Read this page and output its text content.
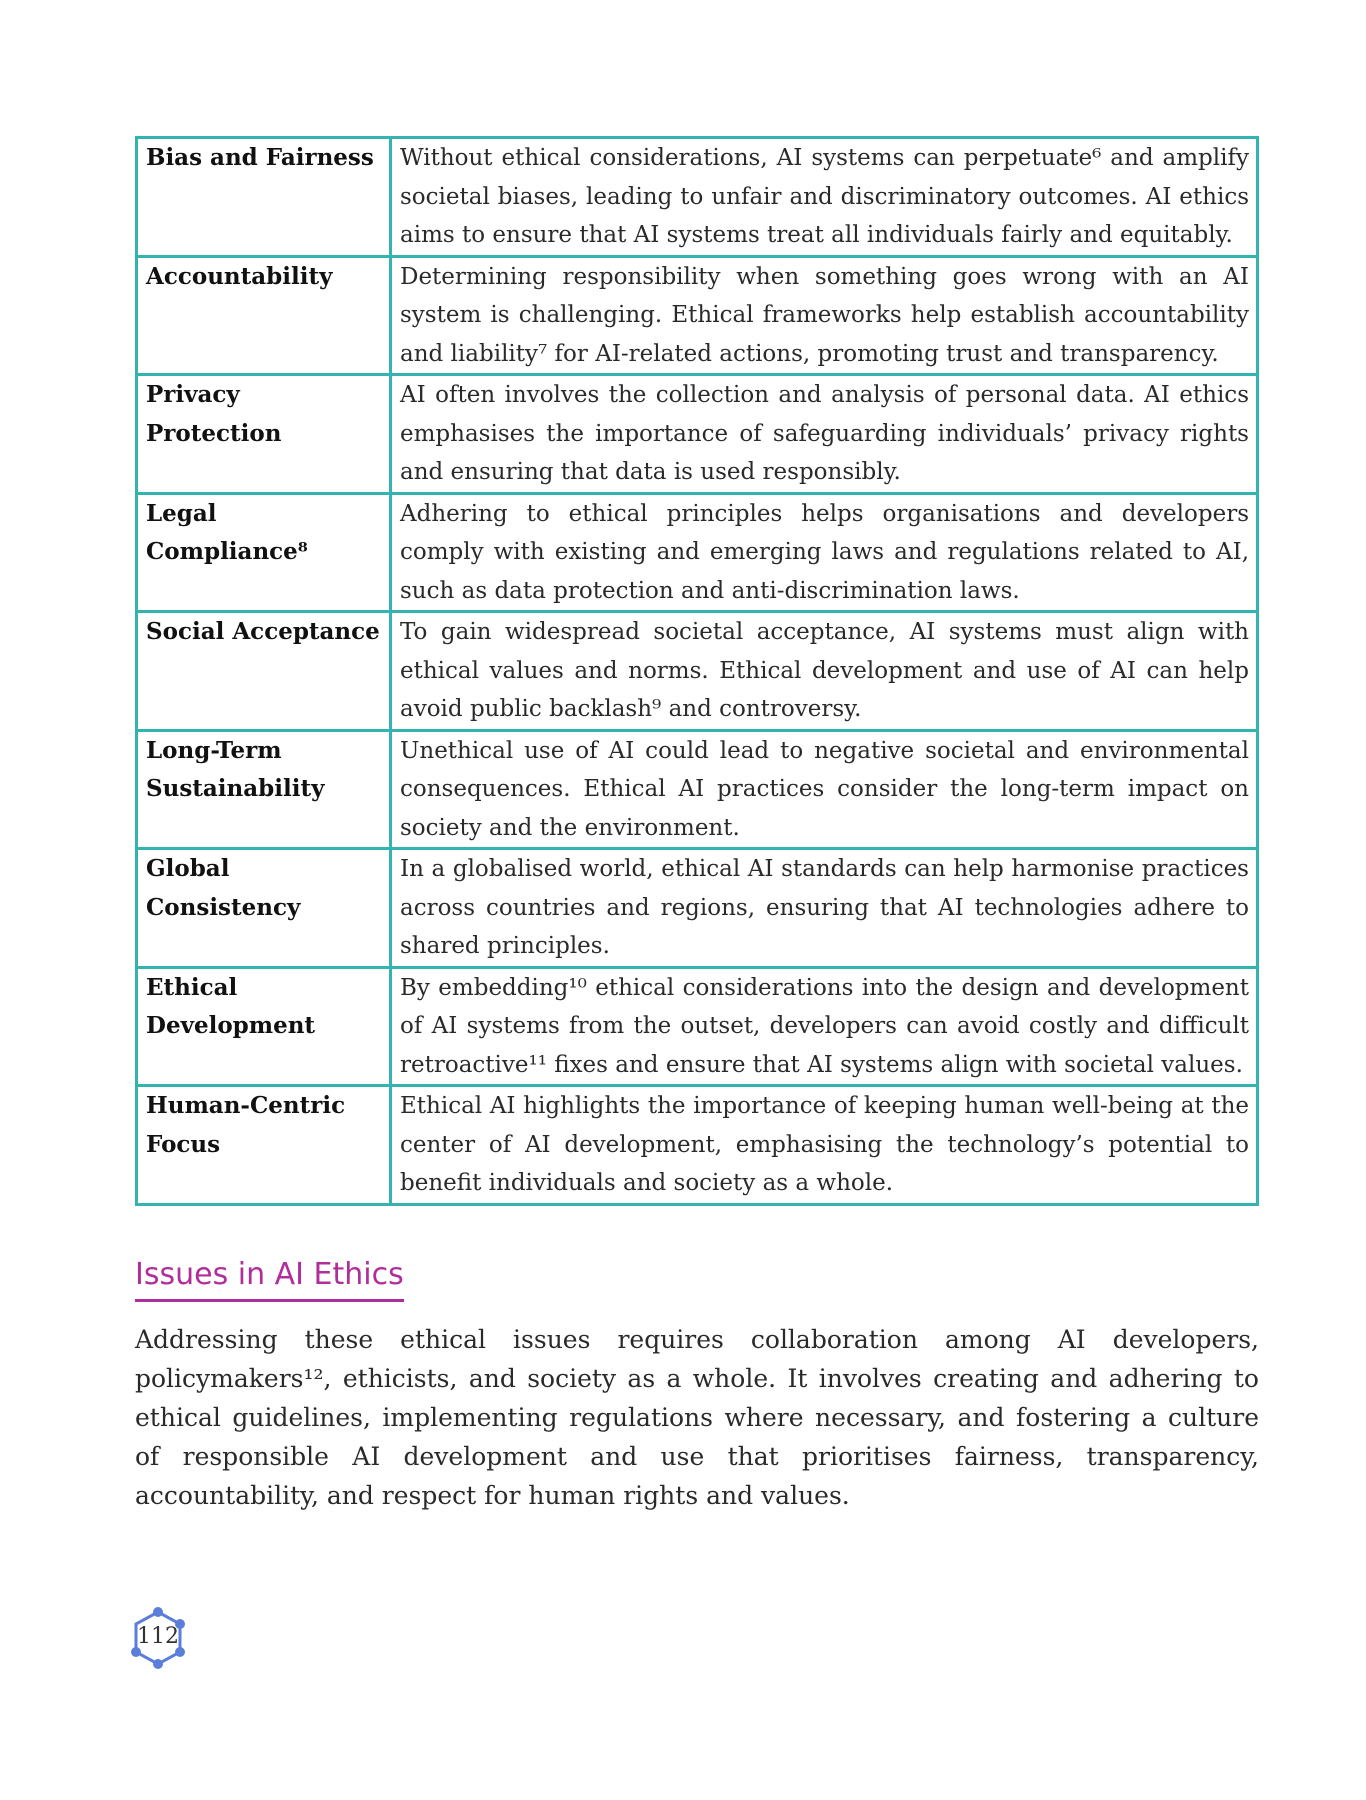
Bias and Fairness	Without ethical considerations, AI systems can perpetuate⁶ and amplify societal biases, leading to unfair and discriminatory outcomes. AI ethics aims to ensure that AI systems treat all individuals fairly and equitably.
Accountability	Determining responsibility when something goes wrong with an AI system is challenging. Ethical frameworks help establish accountability and liability⁷ for AI-related actions, promoting trust and transparency.
Privacy Protection	AI often involves the collection and analysis of personal data. AI ethics emphasises the importance of safeguarding individuals’ privacy rights and ensuring that data is used responsibly.
Legal Compliance⁸	Adhering to ethical principles helps organisations and developers comply with existing and emerging laws and regulations related to AI, such as data protection and anti-discrimination laws.
Social Acceptance	To gain widespread societal acceptance, AI systems must align with ethical values and norms. Ethical development and use of AI can help avoid public backlash⁹ and controversy.
Long-Term Sustainability	Unethical use of AI could lead to negative societal and environmental consequences. Ethical AI practices consider the long-term impact on society and the environment.
Global Consistency	In a globalised world, ethical AI standards can help harmonise practices across countries and regions, ensuring that AI technologies adhere to shared principles.
Ethical Development	By embedding¹⁰ ethical considerations into the design and development of AI systems from the outset, developers can avoid costly and difficult retroactive¹¹ fixes and ensure that AI systems align with societal values.
Human-Centric Focus	Ethical AI highlights the importance of keeping human well-being at the center of AI development, emphasising the technology’s potential to benefit individuals and society as a whole.
Issues in AI Ethics

Addressing these ethical issues requires collaboration among AI developers, policymakers¹², ethicists, and society as a whole. It involves creating and adhering to ethical guidelines, implementing regulations where necessary, and fostering a culture of responsible AI development and use that prioritises fairness, transparency, accountability, and respect for human rights and values.

112
